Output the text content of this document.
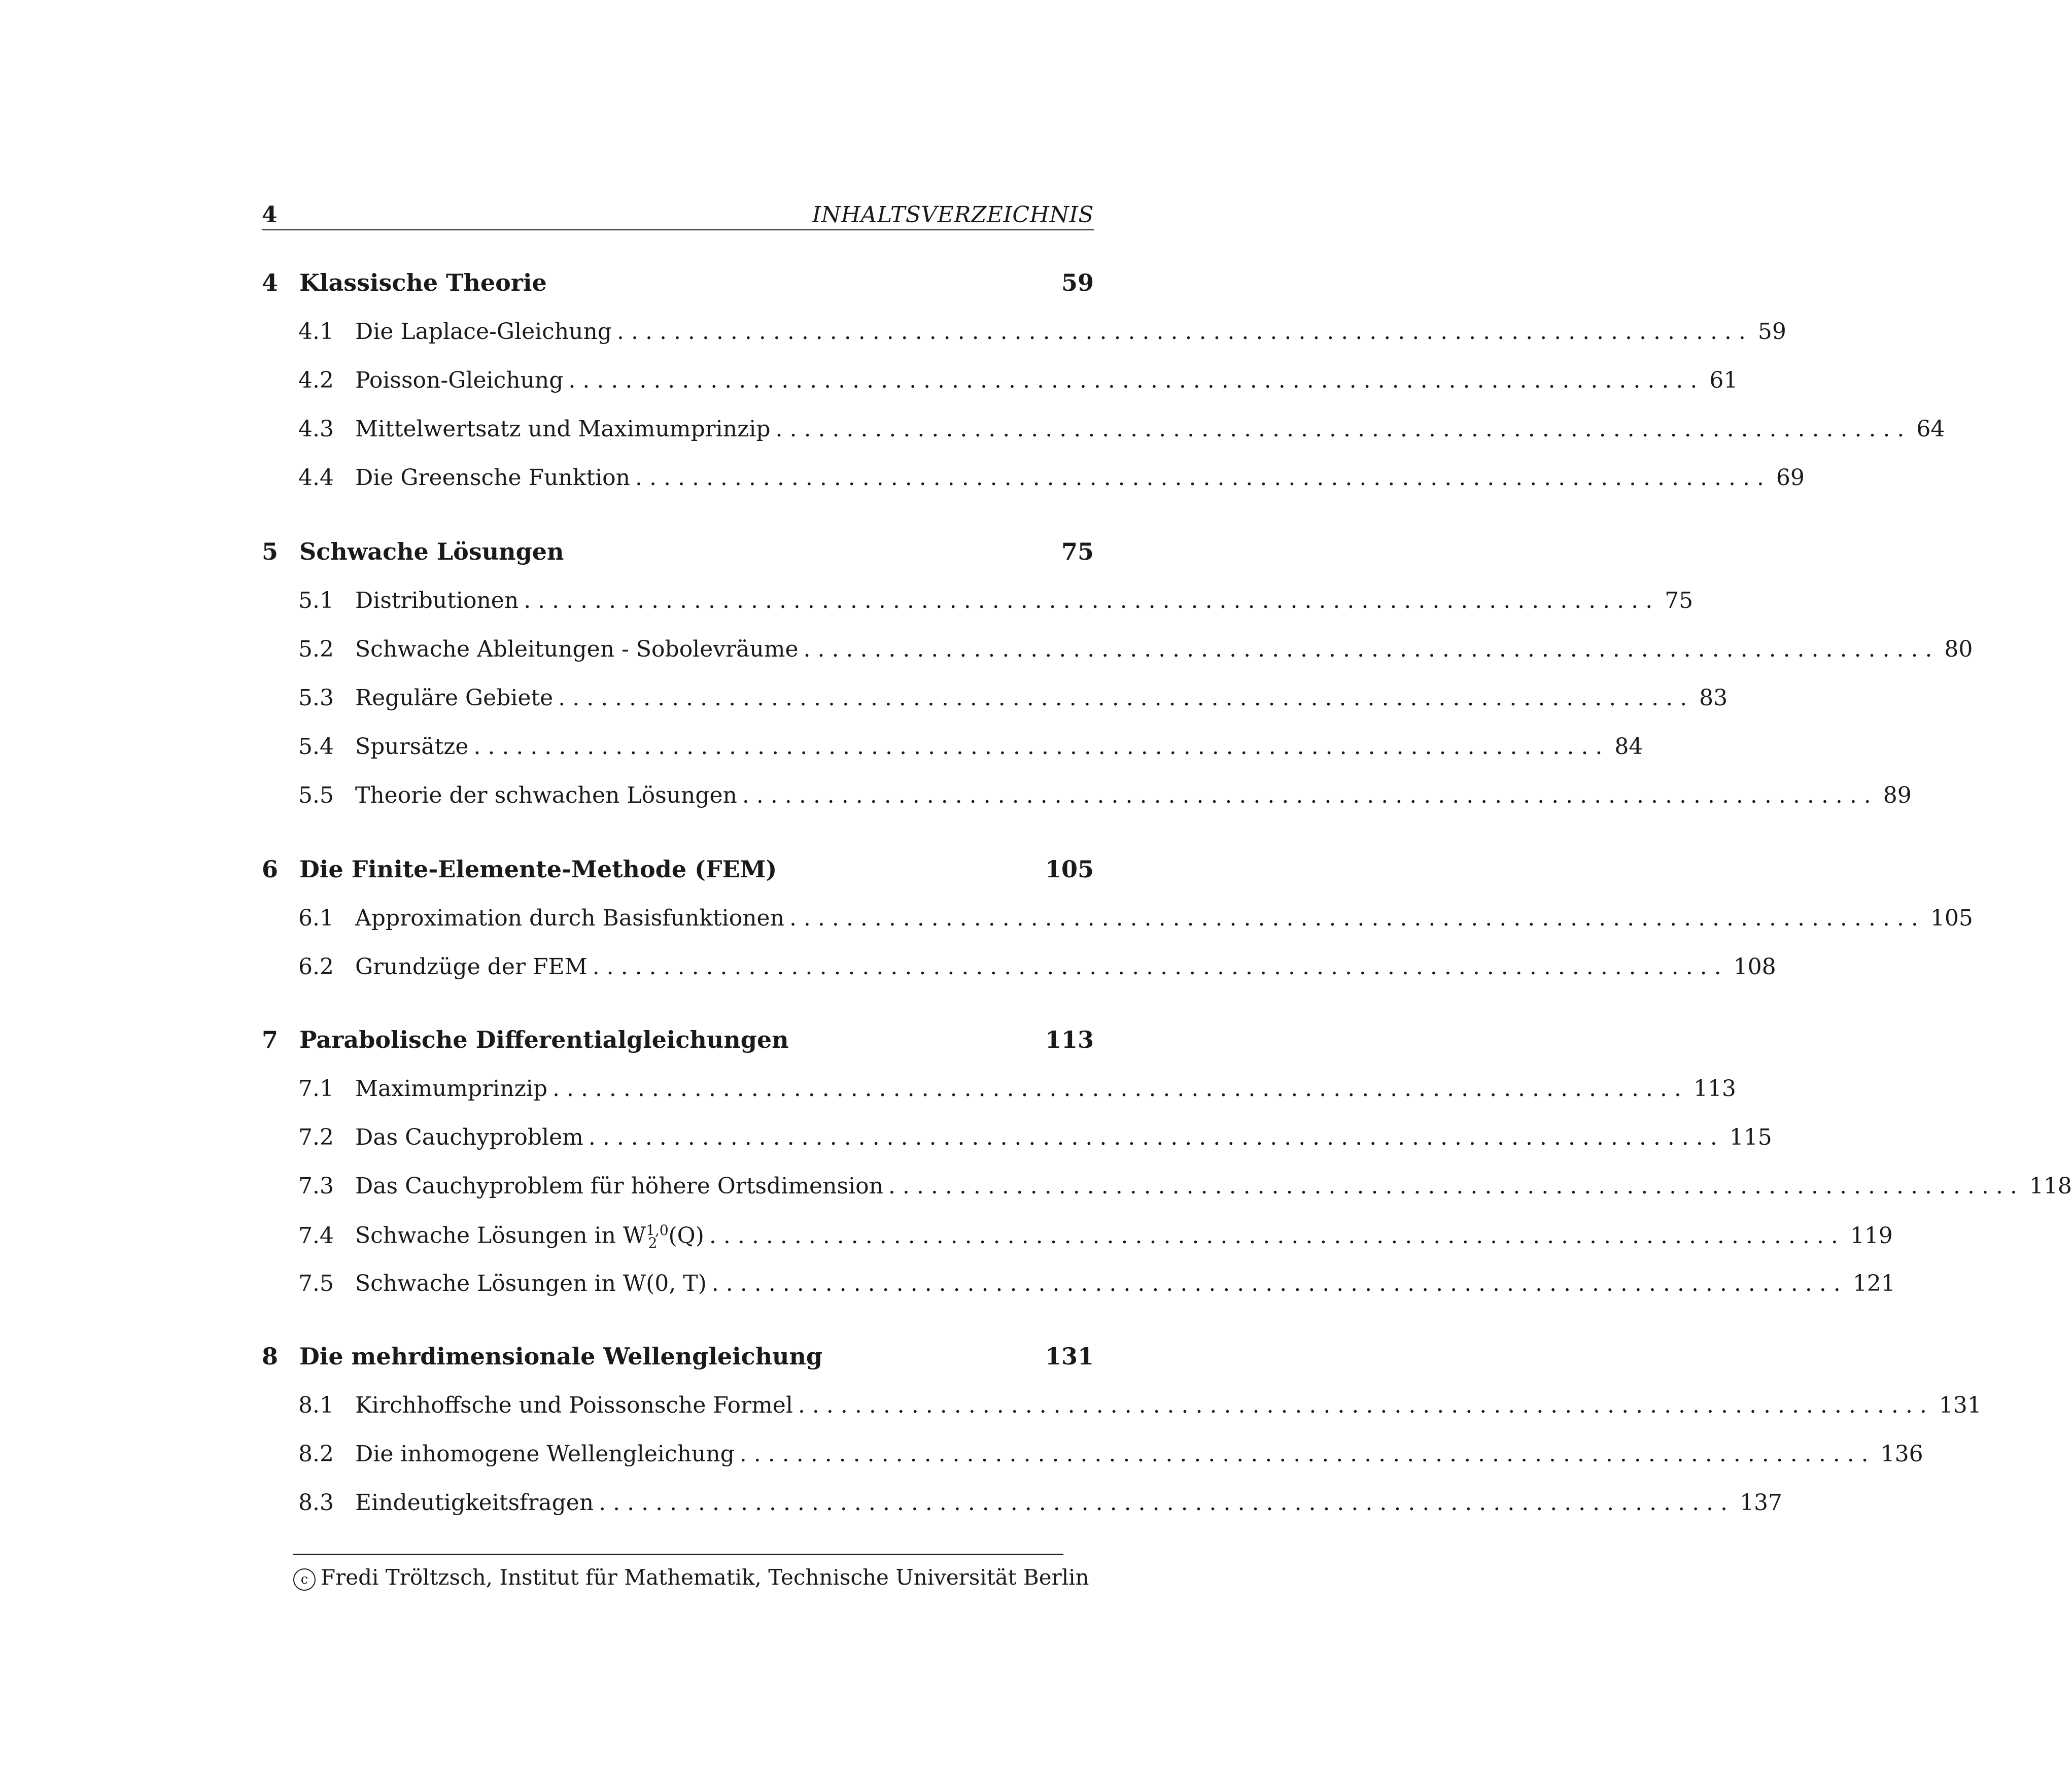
4	INHALTSVERZEICHNIS
4 Klassische Theorie	59
4.1 Die Laplace-Gleichung ................................................................................ 59
4.2 Poisson-Gleichung ................................................................................ 61
4.3 Mittelwertsatz und Maximumprinzip ................................................................................ 64
4.4 Die Greensche Funktion ................................................................................ 69
5 Schwache Lösungen	75
5.1 Distributionen ................................................................................ 75
5.2 Schwache Ableitungen - Sobolevräume ................................................................................ 80
5.3 Reguläre Gebiete ................................................................................ 83
5.4 Spursätze ................................................................................ 84
5.5 Theorie der schwachen Lösungen ................................................................................ 89
6 Die Finite-Elemente-Methode (FEM)	105
6.1 Approximation durch Basisfunktionen ................................................................................ 105
6.2 Grundzüge der FEM ................................................................................ 108
7 Parabolische Differentialgleichungen	113
7.1 Maximumprinzip ................................................................................ 113
7.2 Das Cauchyproblem ................................................................................ 115
7.3 Das Cauchyproblem für höhere Ortsdimension ................................................................................ 118
7.4 Schwache Lösungen in W$^{1,0}_2$ (Q) ................................................................................ 119
7.5 Schwache Lösungen in W(0, T) ................................................................................ 121
8 Die mehrdimensionale Wellengleichung	131
8.1 Kirchhoffsche und Poissonsche Formel ................................................................................ 131
8.2 Die inhomogene Wellengleichung ................................................................................ 136
8.3 Eindeutigkeitsfragen ................................................................................ 137
c Fredi Tröltzsch, Institut für Mathematik, Technische Universität Berlin
